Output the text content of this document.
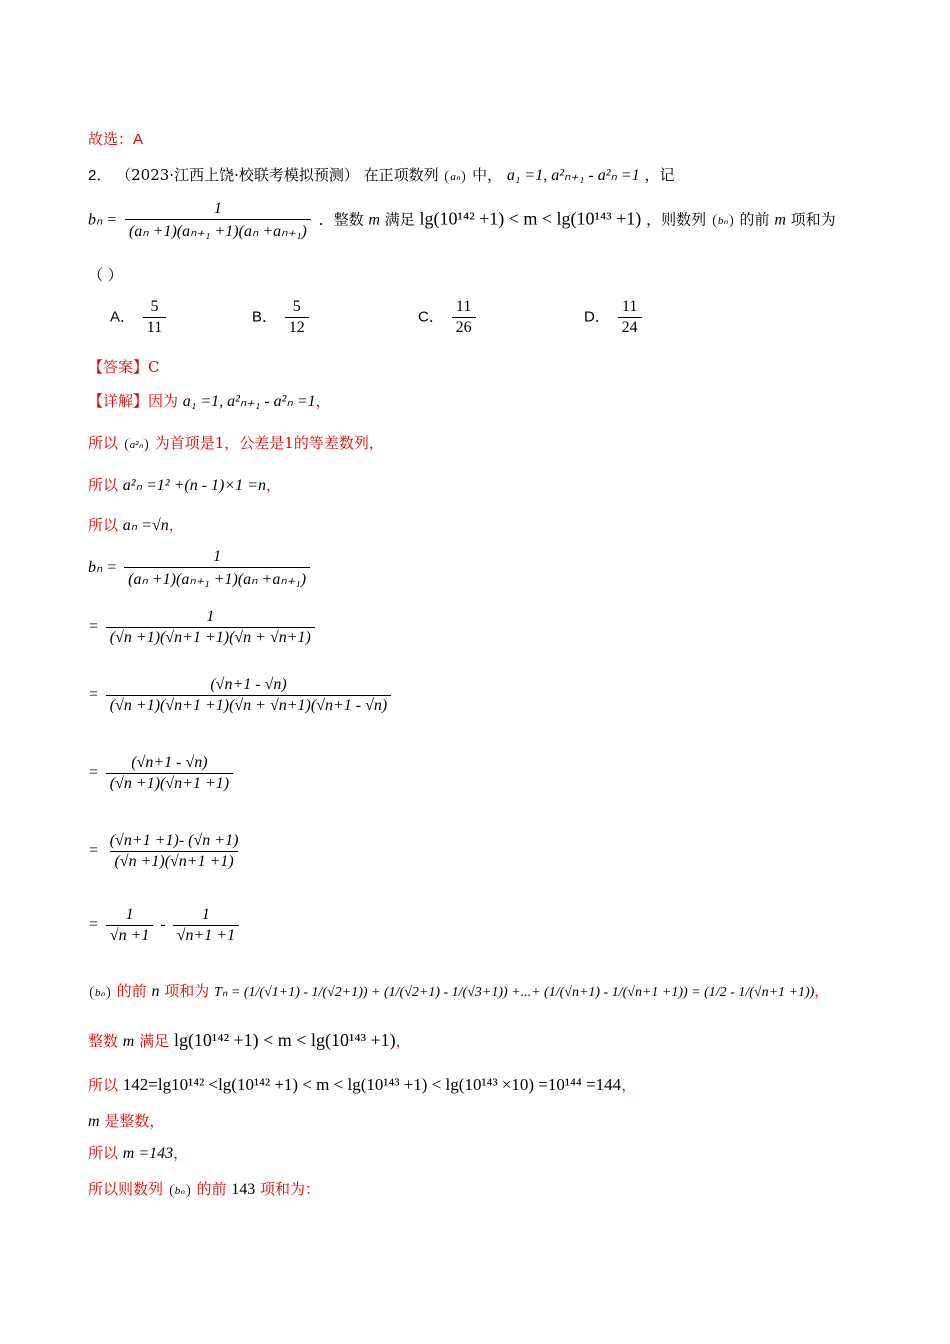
故选：A
2． （2023·江西上饶·校联考模拟预测） 在正项数列 aₙ 中， a₁ =1, a²ₙ₊₁ - a²ₙ =1 ，记
$b_n = \frac{1}{\text{(aₙ +1)(aₙ₊₁ +1)(aₙ +aₙ₊₁)}}$ ．整数 m 满足 lg(10¹⁴² +1) < m < lg(10¹⁴³ +1) ，则数列 bₙ 的前 m 项和为
（ ）
A． $\frac{5}{11}$	B． $\frac{5}{12}$	C． $\frac{11}{26}$	D． $\frac{11}{24}$
【答案】C
【详解】因为 a₁ =1, a²ₙ₊₁ - a²ₙ =1，
所以 a²ₙ 为首项是1，公差是1的等差数列，
所以 a²ₙ =1² +(n - 1)×1 =n，
所以 aₙ =√n，
$b_n = \frac{1}{\text{(aₙ +1)(aₙ₊₁ +1)(aₙ +aₙ₊₁)}}$
= $\frac{1}{(√n +1)(√n+1 +1)(√n + √n+1)}$
= $\frac{(√n+1 - √n)}{(√n +1)(√n+1 +1)(√n + √n+1)(√n+1 - √n)}$
= $\frac{(√n+1 - √n)}{(√n +1)(√n+1 +1)}$
= $\frac{(√n+1 +1)- (√n +1)}{(√n +1)(√n+1 +1)}$
= $\frac{1}{√n +1} - \frac{1}{√n+1 +1}$
bₙ 的前 n 项和为 Tₙ = (1/(√1+1) - 1/(√2+1)) + (1/(√2+1) - 1/(√3+1)) +...+ (1/(√n+1) - 1/(√n+1 +1)) = (1/2 - 1/(√n+1 +1))，
整数 m 满足 lg(10¹⁴² +1) < m < lg(10¹⁴³ +1)，
所以 142=lg10¹⁴² <lg(10¹⁴² +1) < m < lg(10¹⁴³ +1) < lg(10¹⁴³ ×10) =10¹⁴⁴ =144，
m 是整数，
所以 m =143，
所以则数列 bₙ 的前 143 项和为：
